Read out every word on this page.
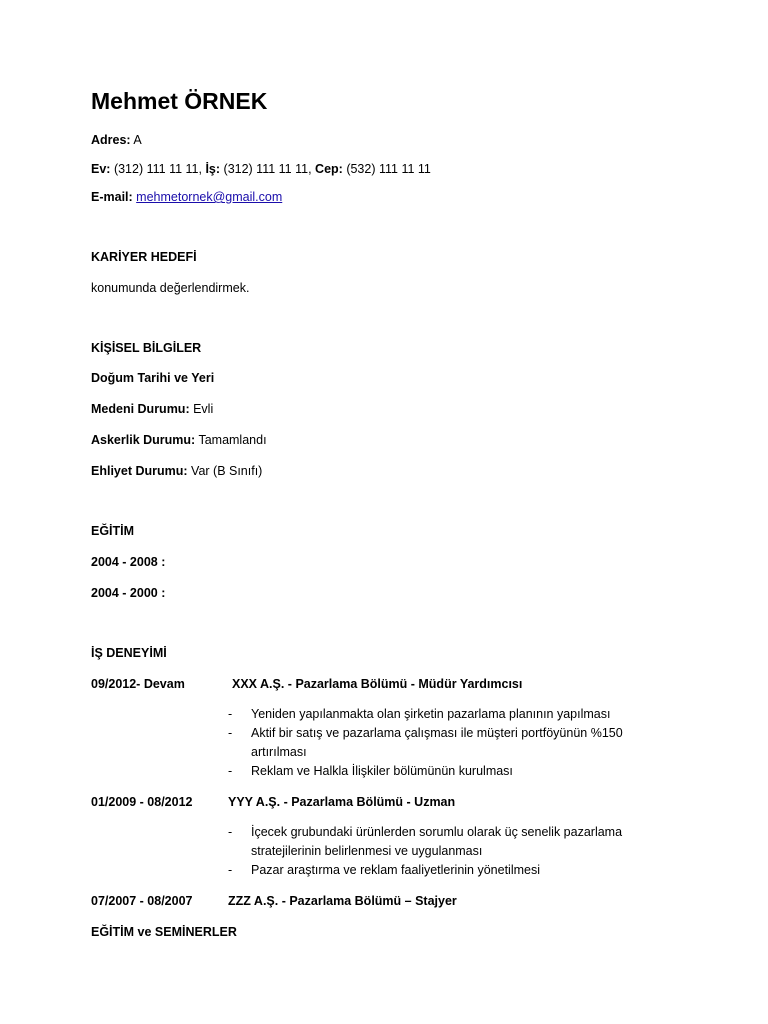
Mehmet ÖRNEK
Adres: A
Ev: (312) 111 11 11, İş: (312) 111 11 11, Cep: (532) 111 11 11
E-mail: mehmetornek@gmail.com
KARİYER HEDEFİ
konumunda değerlendirmek.
KİŞİSEL BİLGİLER
Doğum Tarihi ve Yeri
Medeni Durumu: Evli
Askerlik Durumu: Tamamlandı
Ehliyet Durumu: Var (B Sınıfı)
EĞİTİM
2004 - 2008 :
2004 - 2000 :
İŞ DENEYİMİ
09/2012- Devam	XXX A.Ş. - Pazarlama Bölümü - Müdür Yardımcısı
-	Yeniden yapılanmakta olan şirketin pazarlama planının yapılması
-	Aktif bir satış ve pazarlama çalışması ile müşteri portföyünün %150 artırılması
-	Reklam ve Halkla İlişkiler bölümünün kurulması
01/2009 - 08/2012	YYY A.Ş. - Pazarlama Bölümü - Uzman
-	İçecek grubundaki ürünlerden sorumlu olarak üç senelik pazarlama stratejilerinin belirlenmesi ve uygulanması
-	Pazar araştırma ve reklam faaliyetlerinin yönetilmesi
07/2007 - 08/2007	ZZZ A.Ş. - Pazarlama Bölümü – Stajyer
EĞİTİM ve SEMİNERLER
